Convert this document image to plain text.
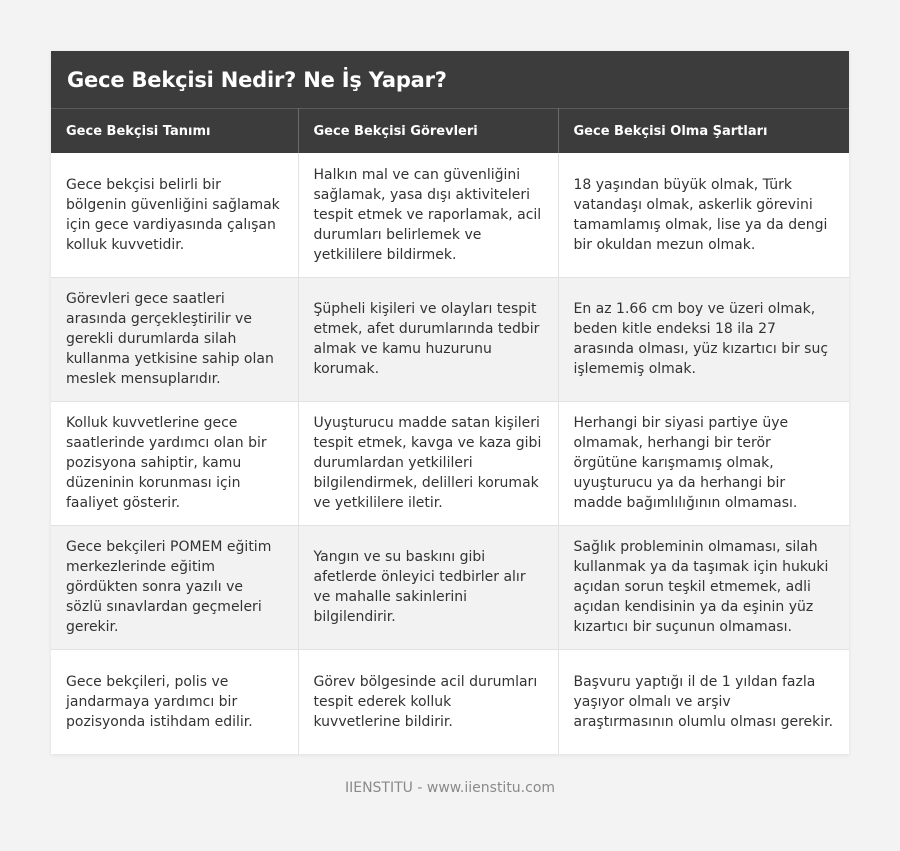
Gece Bekçisi Nedir? Ne İş Yapar?
Gece Bekçisi Tanımı	Gece Bekçisi Görevleri	Gece Bekçisi Olma Şartları
Gece bekçisi belirli bir bölgenin güvenliğini sağlamak için gece vardiyasında çalışan kolluk kuvvetidir.	Halkın mal ve can güvenliğini sağlamak, yasa dışı aktiviteleri tespit etmek ve raporlamak, acil durumları belirlemek ve yetkililere bildirmek.	18 yaşından büyük olmak, Türk vatandaşı olmak, askerlik görevini tamamlamış olmak, lise ya da dengi bir okuldan mezun olmak.
Görevleri gece saatleri arasında gerçekleştirilir ve gerekli durumlarda silah kullanma yetkisine sahip olan meslek mensuplarıdır.	Şüpheli kişileri ve olayları tespit etmek, afet durumlarında tedbir almak ve kamu huzurunu korumak.	En az 1.66 cm boy ve üzeri olmak, beden kitle endeksi 18 ila 27 arasında olması, yüz kızartıcı bir suç işlememiş olmak.
Kolluk kuvvetlerine gece saatlerinde yardımcı olan bir pozisyona sahiptir, kamu düzeninin korunması için faaliyet gösterir.	Uyuşturucu madde satan kişileri tespit etmek, kavga ve kaza gibi durumlardan yetkilileri bilgilendirmek, delilleri korumak ve yetkililere iletir.	Herhangi bir siyasi partiye üye olmamak, herhangi bir terör örgütüne karışmamış olmak, uyuşturucu ya da herhangi bir madde bağımlılığının olmaması.
Gece bekçileri POMEM eğitim merkezlerinde eğitim gördükten sonra yazılı ve sözlü sınavlardan geçmeleri gerekir.	Yangın ve su baskını gibi afetlerde önleyici tedbirler alır ve mahalle sakinlerini bilgilendirir.	Sağlık probleminin olmaması, silah kullanmak ya da taşımak için hukuki açıdan sorun teşkil etmemek, adli açıdan kendisinin ya da eşinin yüz kızartıcı bir suçunun olmaması.
Gece bekçileri, polis ve jandarmaya yardımcı bir pozisyonda istihdam edilir.	Görev bölgesinde acil durumları tespit ederek kolluk kuvvetlerine bildirir.	Başvuru yaptığı il de 1 yıldan fazla yaşıyor olmalı ve arşiv araştırmasının olumlu olması gerekir.
IIENSTITU - www.iienstitu.com
